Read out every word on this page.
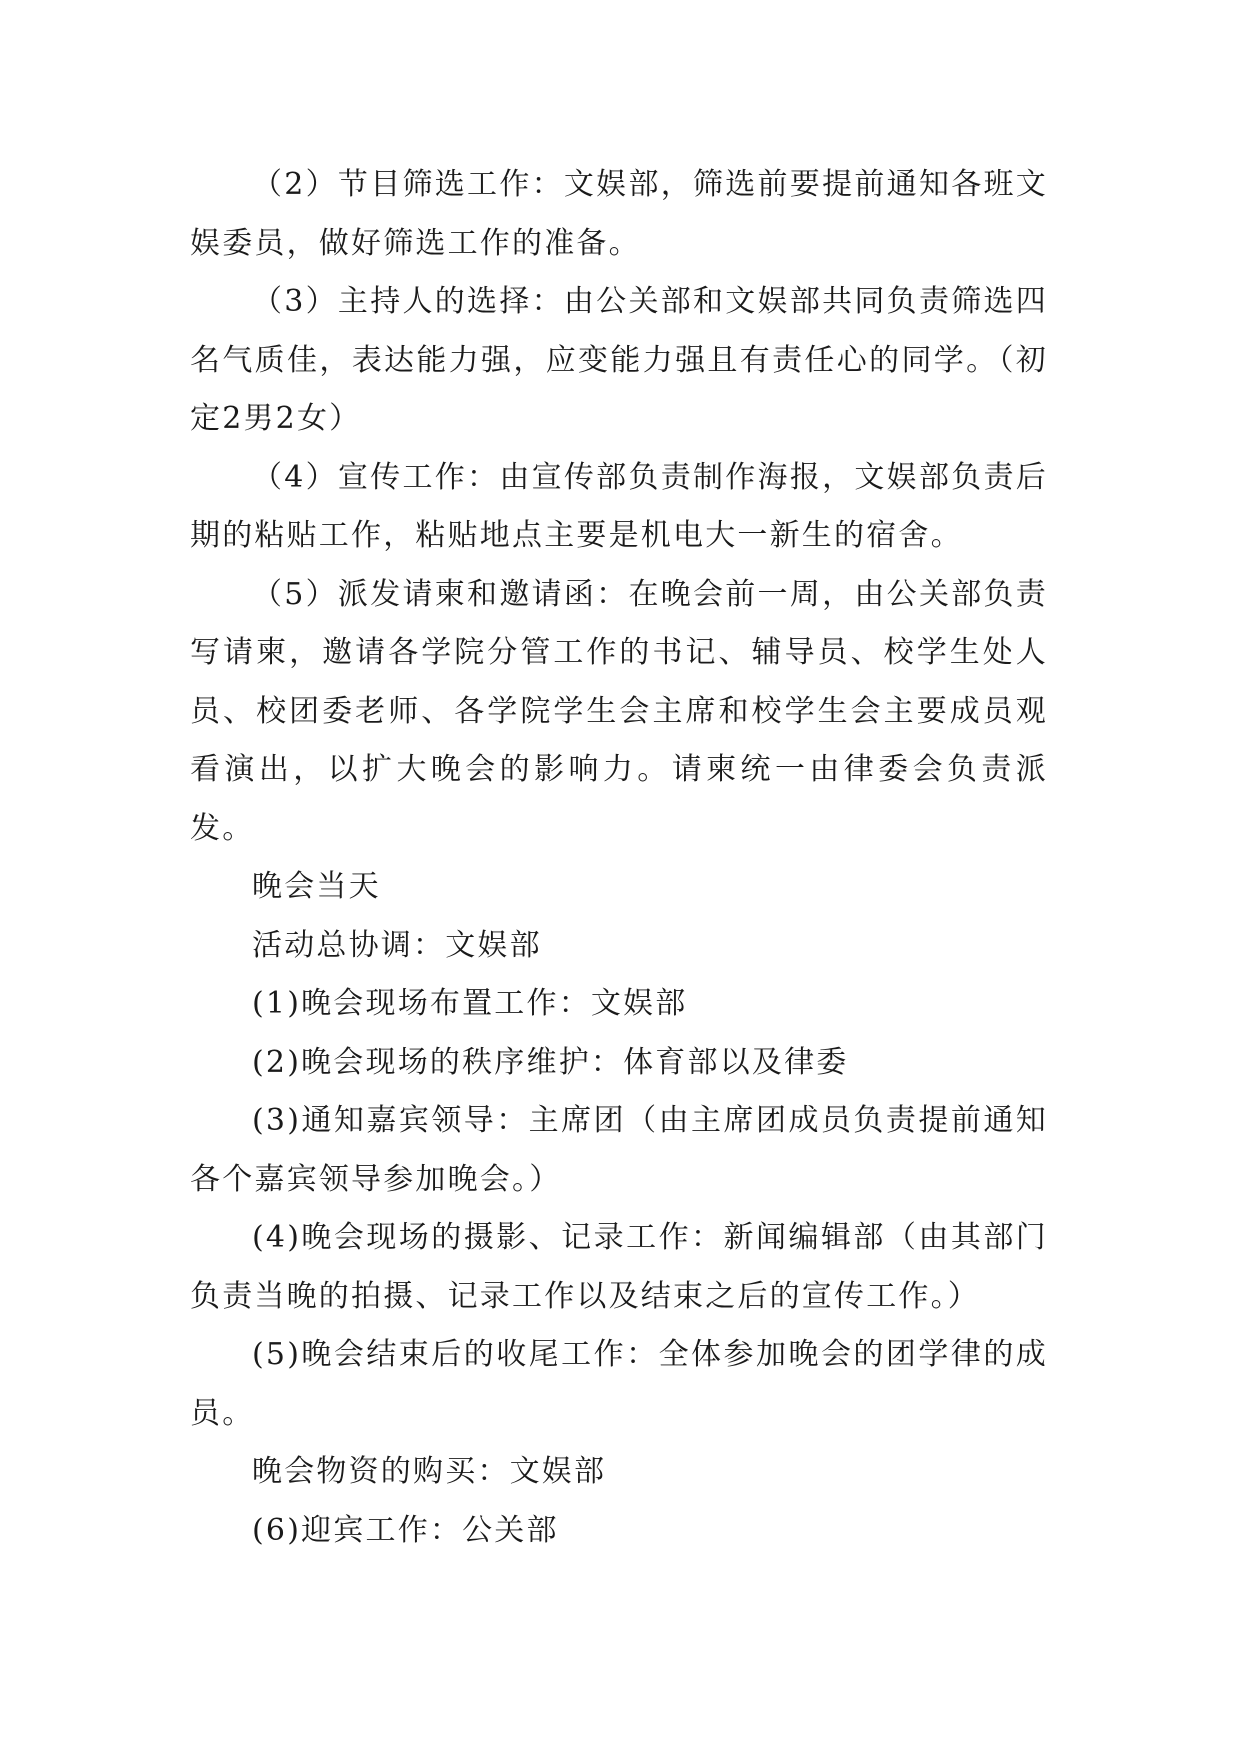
（2）节目筛选工作：文娱部，筛选前要提前通知各班文娱委员，做好筛选工作的准备。

（3）主持人的选择：由公关部和文娱部共同负责筛选四名气质佳，表达能力强，应变能力强且有责任心的同学。（初定2男2女）

（4）宣传工作：由宣传部负责制作海报，文娱部负责后期的粘贴工作，粘贴地点主要是机电大一新生的宿舍。

（5）派发请柬和邀请函：在晚会前一周，由公关部负责写请柬，邀请各学院分管工作的书记、辅导员、校学生处人员、校团委老师、各学院学生会主席和校学生会主要成员观看演出，以扩大晚会的影响力。请柬统一由律委会负责派发。

晚会当天

活动总协调：文娱部

(1)晚会现场布置工作：文娱部

(2)晚会现场的秩序维护：体育部以及律委

(3)通知嘉宾领导：主席团（由主席团成员负责提前通知各个嘉宾领导参加晚会。）

(4)晚会现场的摄影、记录工作：新闻编辑部（由其部门负责当晚的拍摄、记录工作以及结束之后的宣传工作。）

(5)晚会结束后的收尾工作：全体参加晚会的团学律的成员。

晚会物资的购买：文娱部

(6)迎宾工作：公关部
